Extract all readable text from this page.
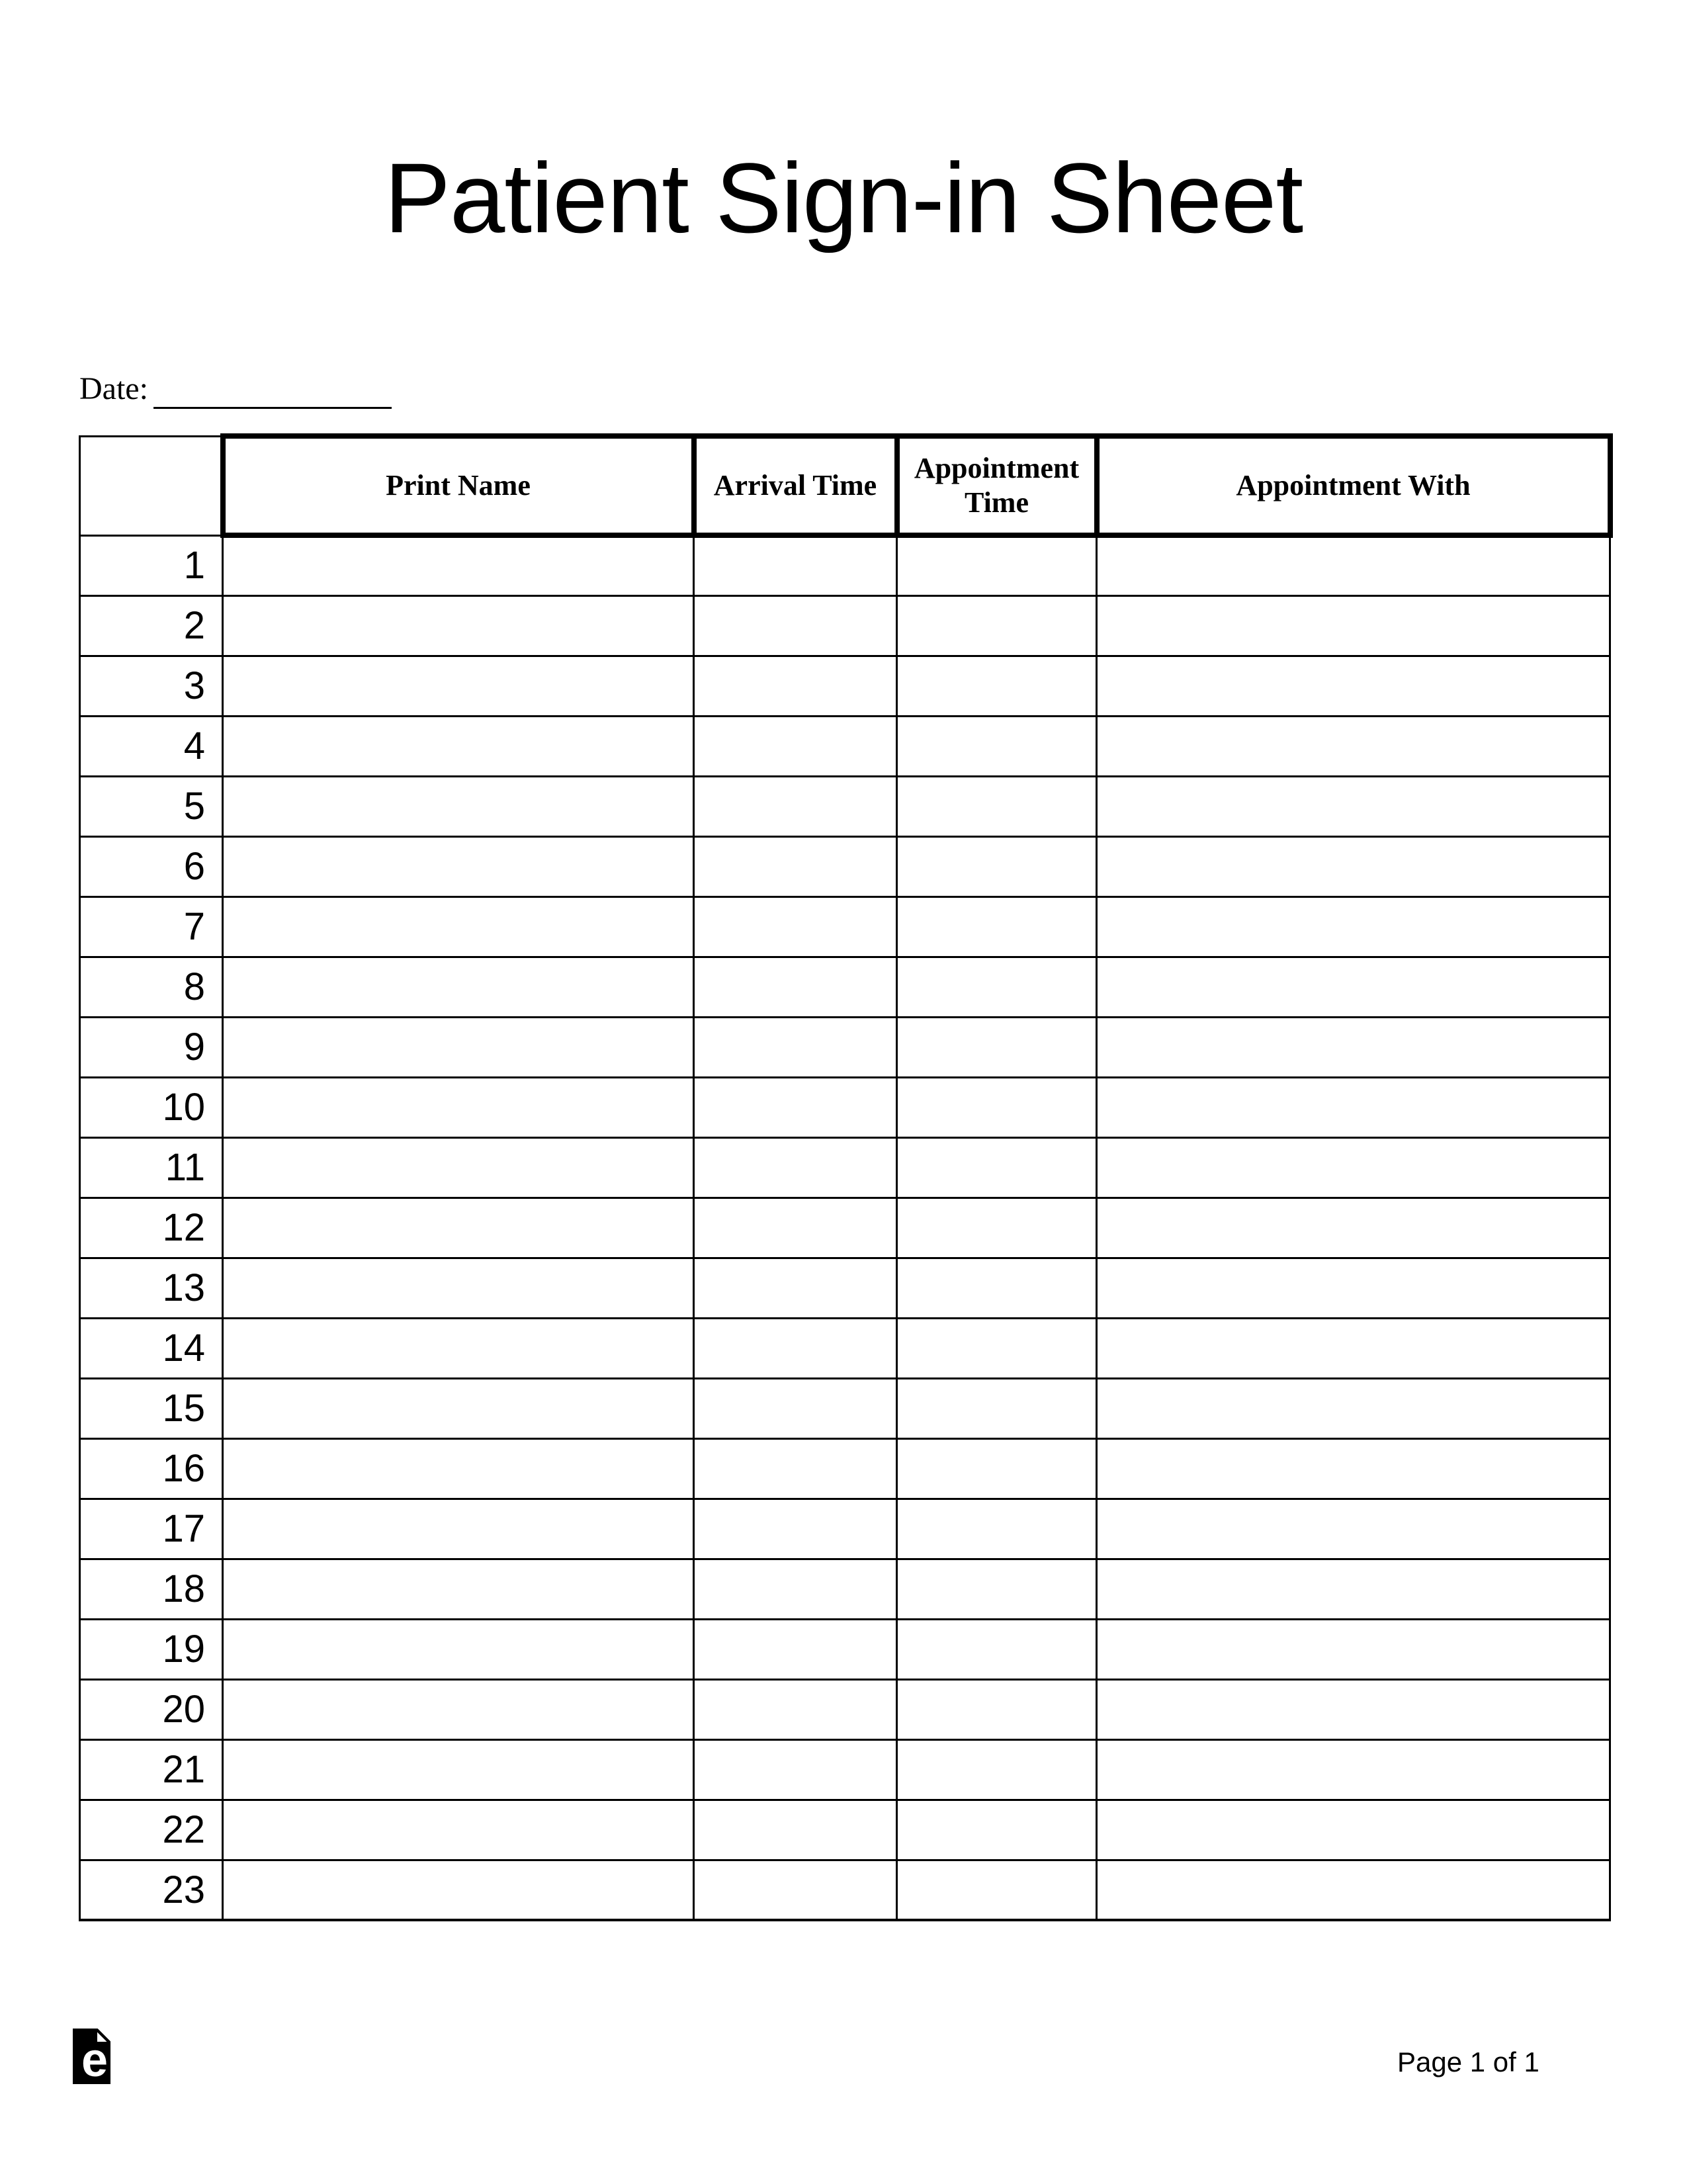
Patient Sign-in Sheet
Date:
	Print Name	Arrival Time	Appointment Time	Appointment With
1				
2				
3				
4				
5				
6				
7				
8				
9				
10				
11				
12				
13				
14				
15				
16				
17				
18				
19				
20				
21				
22				
23				
e	Page 1 of 1
